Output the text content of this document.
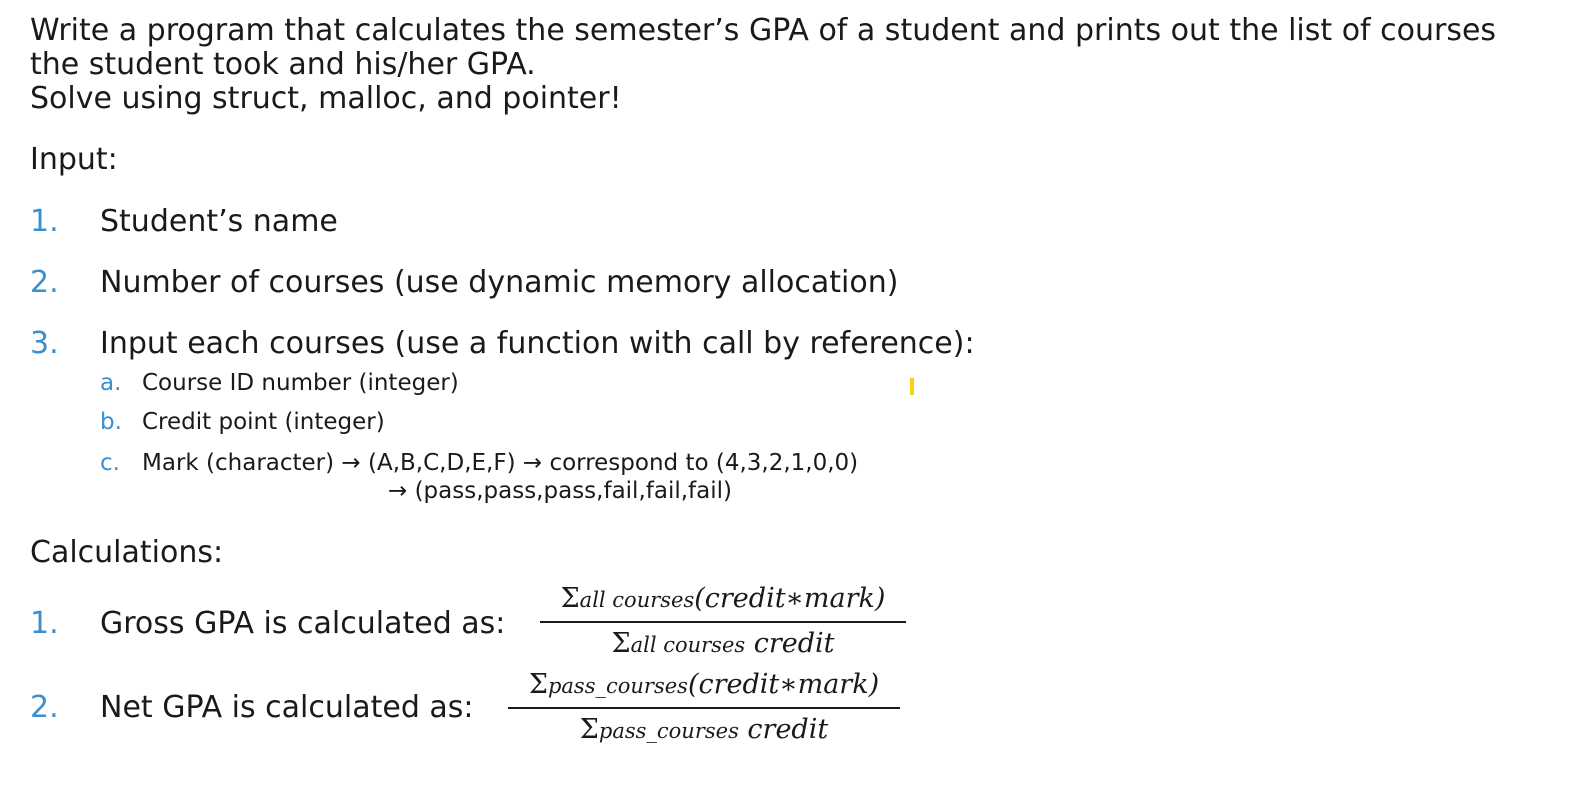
Write a program that calculates the semester’s GPA of a student and prints out the list of courses
the student took and his/her GPA.
Solve using struct, malloc, and pointer!
Input:
1. Student’s name
2. Number of courses (use dynamic memory allocation)
3. Input each courses (use a function with call by reference):
a. Course ID number (integer)
b. Credit point (integer)
c. Mark (character) → (A,B,C,D,E,F) → correspond to (4,3,2,1,0,0)
→ (pass,pass,pass,fail,fail,fail)
Calculations:
1. Gross GPA is calculated as:
Σall courses(credit∗mark)
Σall courses credit
2. Net GPA is calculated as:
Σpass_courses(credit∗mark)
Σpass_courses credit
